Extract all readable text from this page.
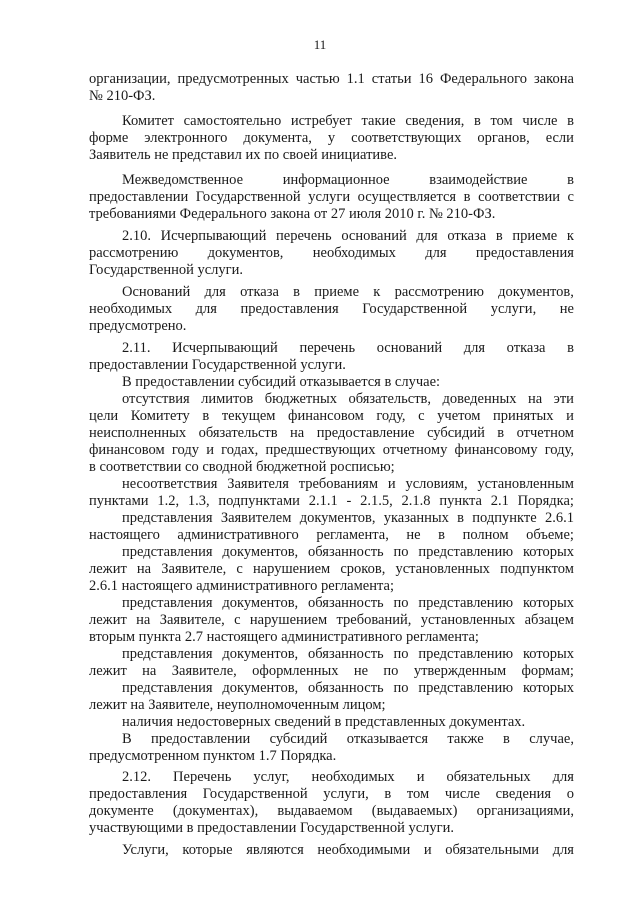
11
организации, предусмотренных частью 1.1 статьи 16 Федерального закона
№ 210-ФЗ.
Комитет самостоятельно истребует такие сведения, в том числе в
форме электронного документа, у соответствующих органов, если
Заявитель не представил их по своей инициативе.
Межведомственное	информационное	взаимодействие	в
предоставлении Государственной услуги осуществляется в соответствии с
требованиями Федерального закона от 27 июля 2010 г. № 210-ФЗ.
2.10. Исчерпывающий перечень оснований для отказа в приеме к
рассмотрению документов, необходимых для предоставления
Государственной услуги.
Оснований для отказа в приеме к рассмотрению документов,
необходимых для предоставления Государственной услуги, не
предусмотрено.
2.11. Исчерпывающий перечень оснований для отказа в
предоставлении Государственной услуги.
В предоставлении субсидий отказывается в случае:
отсутствия лимитов бюджетных обязательств, доведенных на эти
цели Комитету в текущем финансовом году, с учетом принятых и
неисполненных обязательств на предоставление субсидий в отчетном
финансовом году и годах, предшествующих отчетному финансовому году,
в соответствии со сводной бюджетной росписью;
несоответствия Заявителя требованиям и условиям, установленным
пунктами 1.2, 1.3, подпунктами 2.1.1 - 2.1.5, 2.1.8 пункта 2.1 Порядка;
представления Заявителем документов, указанных в подпункте 2.6.1
настоящего административного регламента, не в полном объеме;
представления документов, обязанность по представлению которых
лежит на Заявителе, с нарушением сроков, установленных подпунктом
2.6.1 настоящего административного регламента;
представления документов, обязанность по представлению которых
лежит на Заявителе, с нарушением требований, установленных абзацем
вторым пункта 2.7 настоящего административного регламента;
представления документов, обязанность по представлению которых
лежит на Заявителе, оформленных не по утвержденным формам;
представления документов, обязанность по представлению которых
лежит на Заявителе, неуполномоченным лицом;
наличия недостоверных сведений в представленных документах.
В предоставлении субсидий отказывается также в случае,
предусмотренном пунктом 1.7 Порядка.
2.12. Перечень услуг, необходимых и обязательных для
предоставления Государственной услуги, в том числе сведения о
документе (документах), выдаваемом (выдаваемых) организациями,
участвующими в предоставлении Государственной услуги.
Услуги, которые являются необходимыми и обязательными для
